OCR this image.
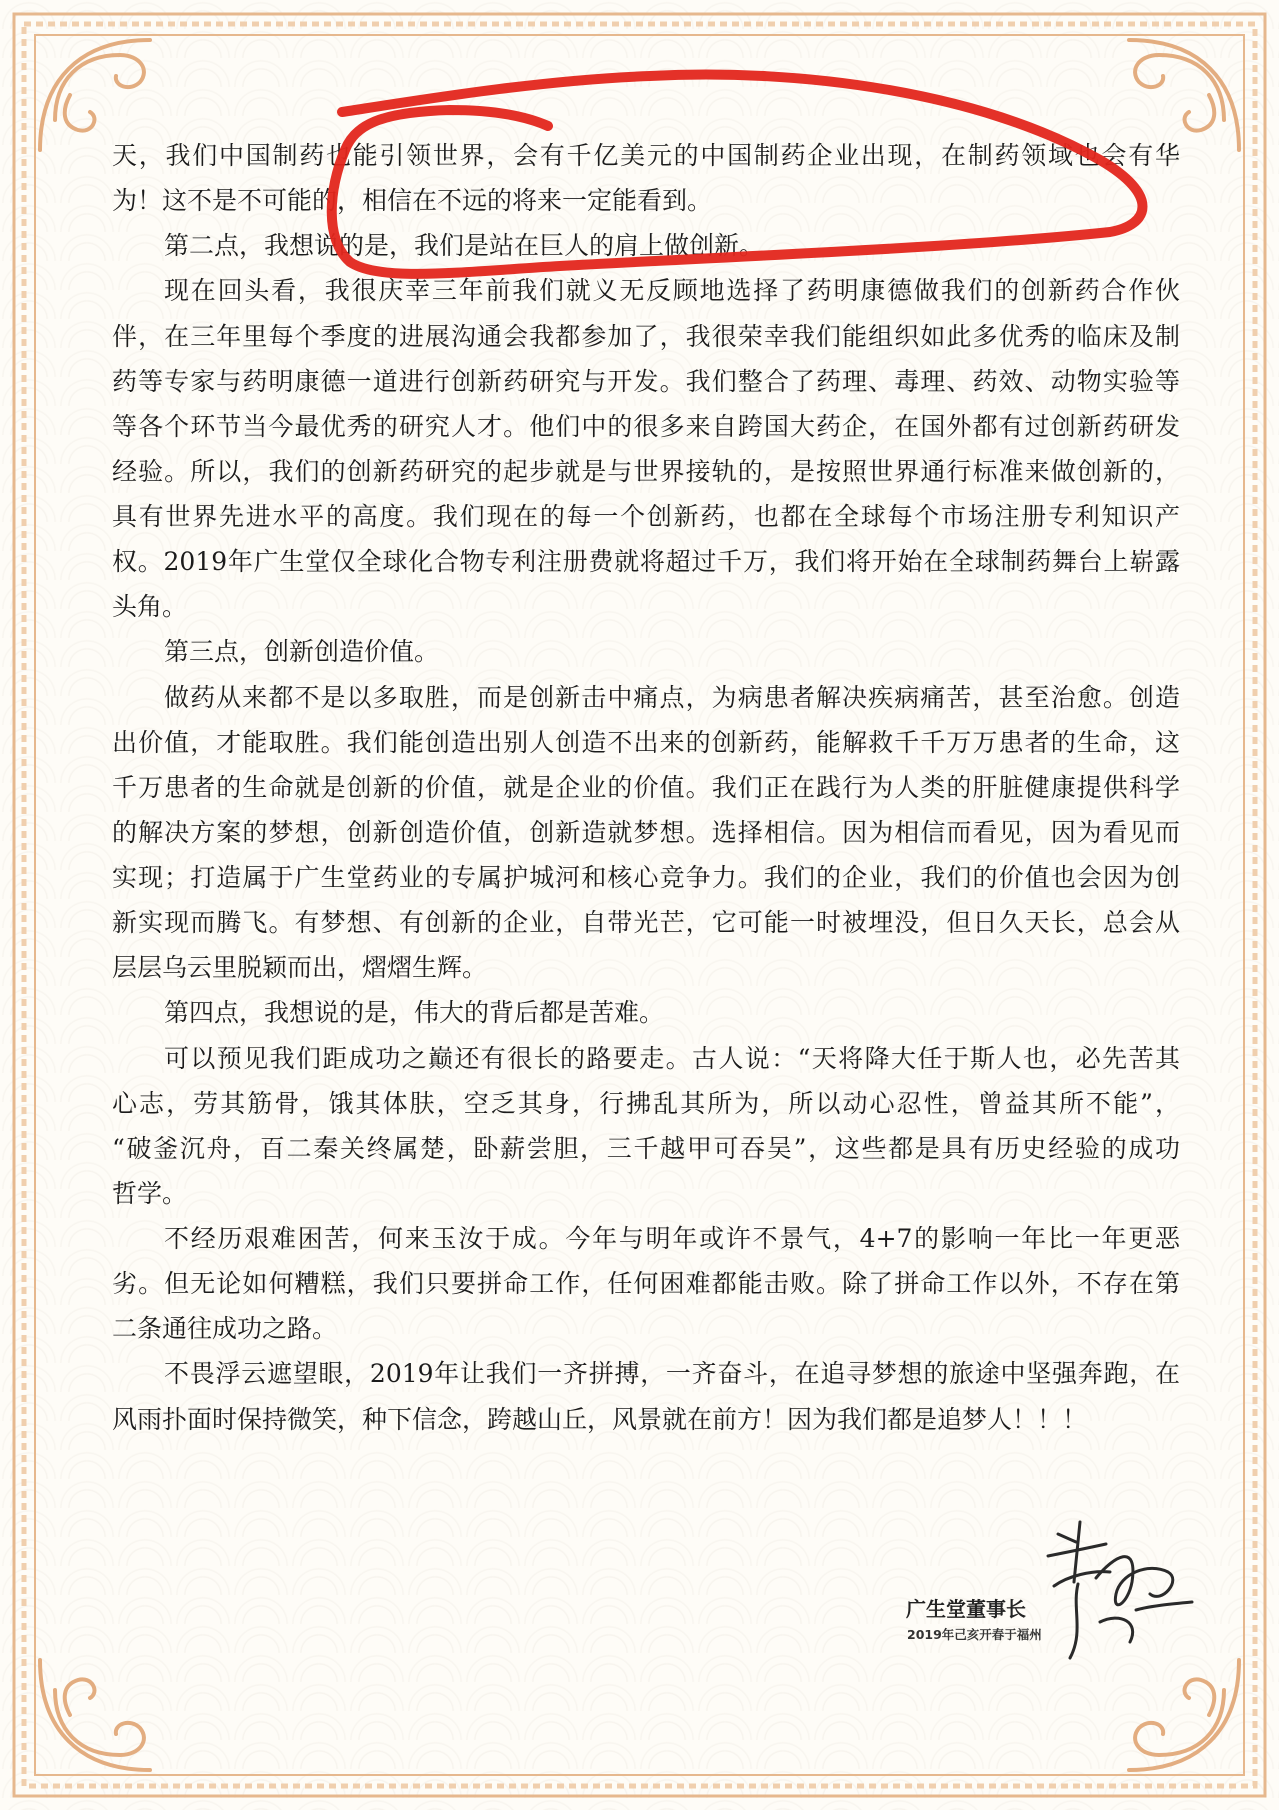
天，我们中国制药也能引领世界，会有千亿美元的中国制药企业出现，在制药领域也会有华
为！这不是不可能的，相信在不远的将来一定能看到。
第二点，我想说的是，我们是站在巨人的肩上做创新。
现在回头看，我很庆幸三年前我们就义无反顾地选择了药明康德做我们的创新药合作伙
伴，在三年里每个季度的进展沟通会我都参加了，我很荣幸我们能组织如此多优秀的临床及制
药等专家与药明康德一道进行创新药研究与开发。我们整合了药理、毒理、药效、动物实验等
等各个环节当今最优秀的研究人才。他们中的很多来自跨国大药企，在国外都有过创新药研发
经验。所以，我们的创新药研究的起步就是与世界接轨的，是按照世界通行标准来做创新的，
具有世界先进水平的高度。我们现在的每一个创新药，也都在全球每个市场注册专利知识产
权。2019年广生堂仅全球化合物专利注册费就将超过千万，我们将开始在全球制药舞台上崭露
头角。
第三点，创新创造价值。
做药从来都不是以多取胜，而是创新击中痛点，为病患者解决疾病痛苦，甚至治愈。创造
出价值，才能取胜。我们能创造出别人创造不出来的创新药，能解救千千万万患者的生命，这
千万患者的生命就是创新的价值，就是企业的价值。我们正在践行为人类的肝脏健康提供科学
的解决方案的梦想，创新创造价值，创新造就梦想。选择相信。因为相信而看见，因为看见而
实现；打造属于广生堂药业的专属护城河和核心竞争力。我们的企业，我们的价值也会因为创
新实现而腾飞。有梦想、有创新的企业，自带光芒，它可能一时被埋没，但日久天长，总会从
层层乌云里脱颖而出，熠熠生辉。
第四点，我想说的是，伟大的背后都是苦难。
可以预见我们距成功之巅还有很长的路要走。古人说：“天将降大任于斯人也，必先苦其
心志，劳其筋骨，饿其体肤，空乏其身，行拂乱其所为，所以动心忍性，曾益其所不能”，
“破釜沉舟，百二秦关终属楚，卧薪尝胆，三千越甲可吞吴”，这些都是具有历史经验的成功
哲学。
不经历艰难困苦，何来玉汝于成。今年与明年或许不景气，4+7的影响一年比一年更恶
劣。但无论如何糟糕，我们只要拼命工作，任何困难都能击败。除了拼命工作以外，不存在第
二条通往成功之路。
不畏浮云遮望眼，2019年让我们一齐拼搏，一齐奋斗，在追寻梦想的旅途中坚强奔跑，在
风雨扑面时保持微笑，种下信念，跨越山丘，风景就在前方！因为我们都是追梦人！！！
广生堂董事长
2019年己亥开春于福州
